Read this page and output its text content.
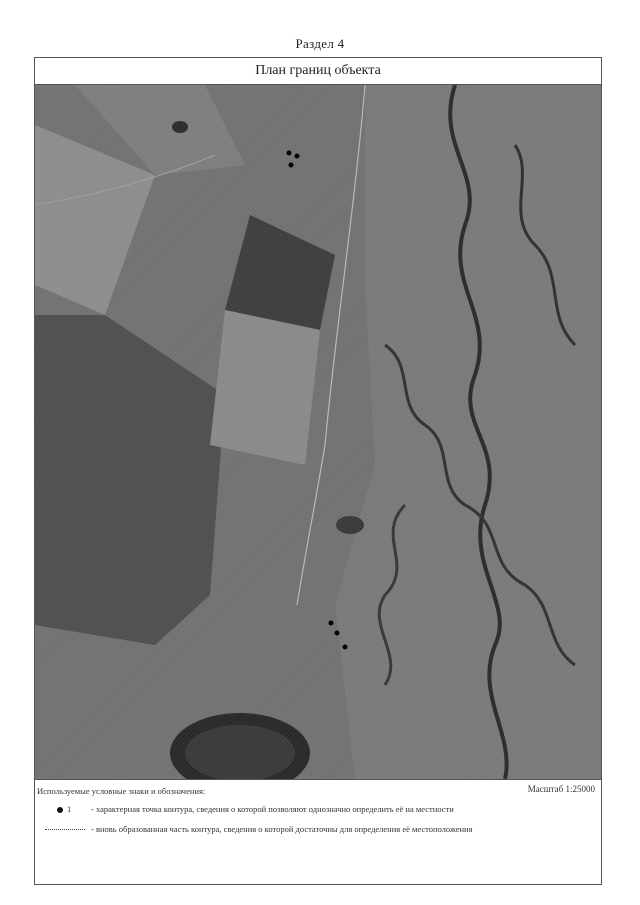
Раздел 4
План границ объекта
Используемые условные знаки и обозначения:	Масштаб 1:25000
1 - характерная точка контура, сведения о которой позволяют однозначно определить её на местности
- вновь образованная часть контура, сведения о которой достаточны для определения её местоположения
